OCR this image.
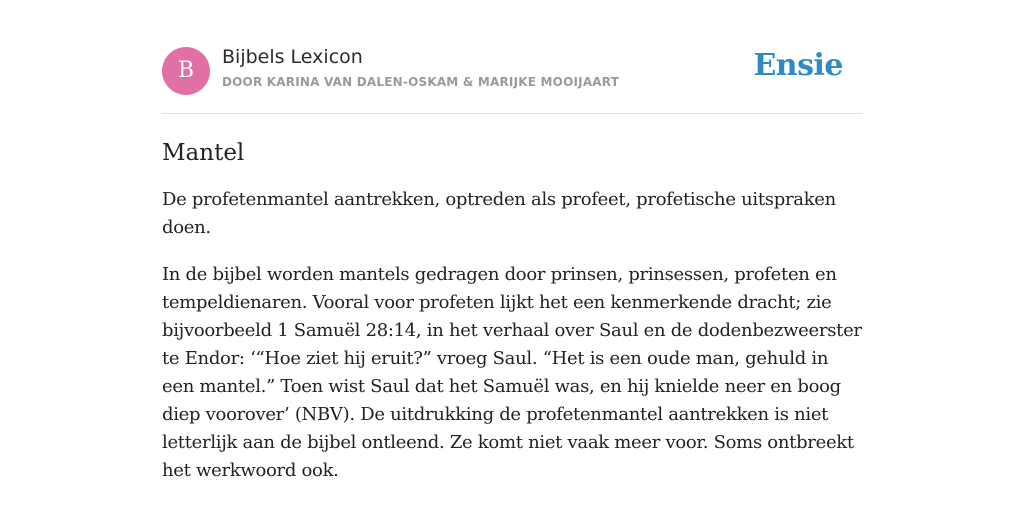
B
Bijbels Lexicon
DOOR KARINA VAN DALEN-OSKAM & MARIJKE MOOIJAART	Ensie
Mantel

De profetenmantel aantrekken, optreden als profeet, profetische uitspraken doen.

In de bijbel worden mantels gedragen door prinsen, prinsessen, profeten en tempeldienaren. Vooral voor profeten lijkt het een kenmerkende dracht; zie bijvoorbeeld 1 Samuël 28:14, in het verhaal over Saul en de dodenbezweerster te Endor: ‘“Hoe ziet hij eruit?” vroeg Saul. “Het is een oude man, gehuld in een mantel.” Toen wist Saul dat het Samuël was, en hij knielde neer en boog diep voorover’ (NBV). De uitdrukking de profetenmantel aantrekken is niet letterlijk aan de bijbel ontleend. Ze komt niet vaak meer voor. Soms ontbreekt het werkwoord ook.
